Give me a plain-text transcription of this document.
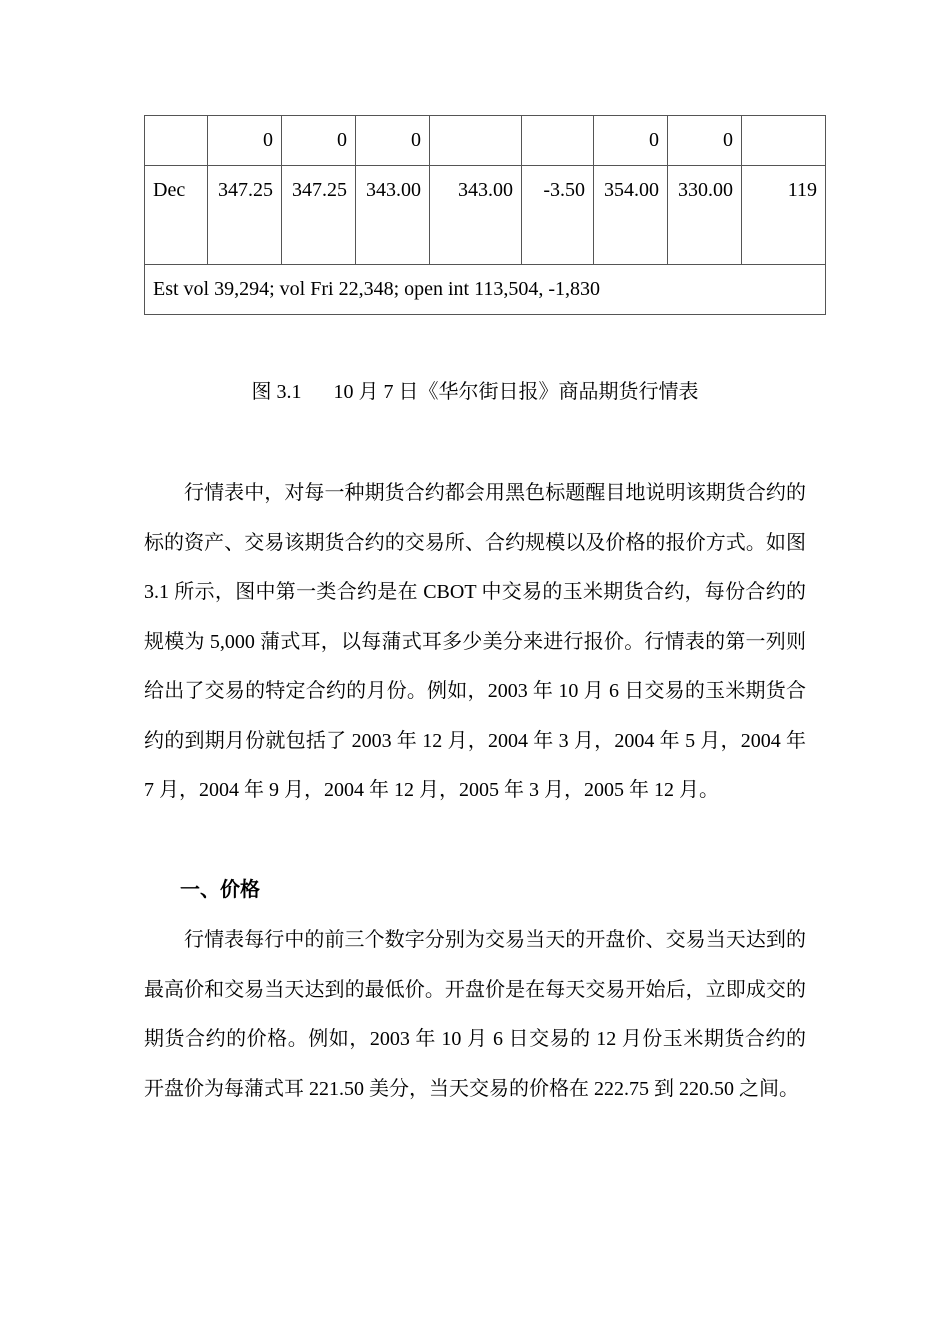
	0	0	0			0	0	
Dec	347.25	347.25	343.00	343.00	-3.50	354.00	330.00	119
Est vol 39,294; vol Fri 22,348; open int 113,504, -1,830								
图 3.1 10 月 7 日《华尔街日报》商品期货行情表

行情表中，对每一种期货合约都会用黑色标题醒目地说明该期货合约的标的资产、交易该期货合约的交易所、合约规模以及价格的报价方式。如图 3.1 所示，图中第一类合约是在 CBOT 中交易的玉米期货合约，每份合约的规模为 5,000 蒲式耳，以每蒲式耳多少美分来进行报价。行情表的第一列则给出了交易的特定合约的月份。例如，2003 年 10 月 6 日交易的玉米期货合约的到期月份就包括了 2003 年 12 月，2004 年 3 月，2004 年 5 月，2004 年 7 月，2004 年 9 月，2004 年 12 月，2005 年 3 月，2005 年 12 月。

一、价格

行情表每行中的前三个数字分别为交易当天的开盘价、交易当天达到的最高价和交易当天达到的最低价。开盘价是在每天交易开始后，立即成交的期货合约的价格。例如，2003 年 10 月 6 日交易的 12 月份玉米期货合约的开盘价为每蒲式耳 221.50 美分，当天交易的价格在 222.75 到 220.50 之间。
